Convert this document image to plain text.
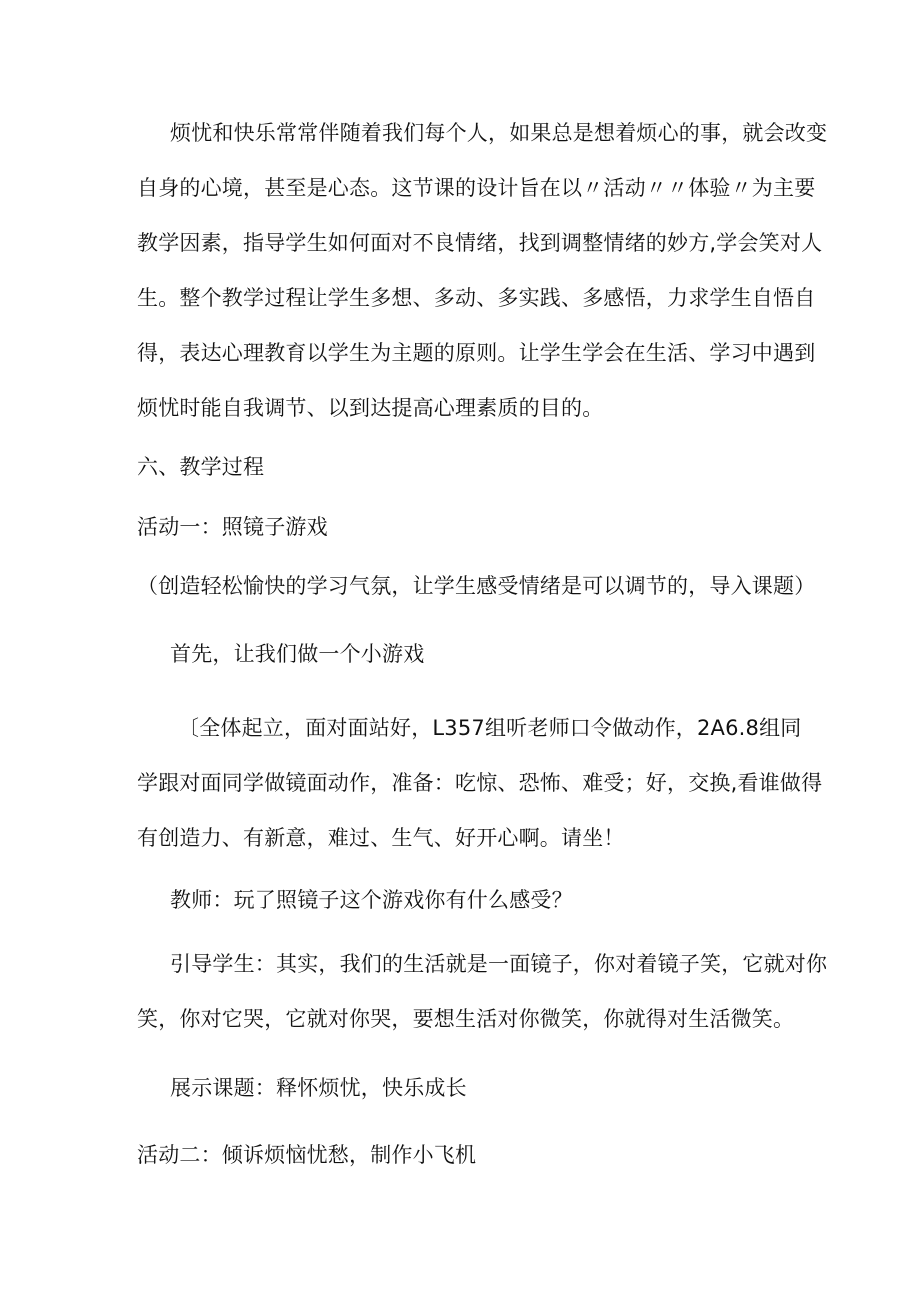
烦忧和快乐常常伴随着我们每个人，如果总是想着烦心的事，就会改变
自身的心境，甚至是心态。这节课的设计旨在以〃活动〃〃体验〃为主要
教学因素，指导学生如何面对不良情绪，找到调整情绪的妙方,学会笑对人
生。整个教学过程让学生多想、多动、多实践、多感悟，力求学生自悟自
得，表达心理教育以学生为主题的原则。让学生学会在生活、学习中遇到
烦忧时能自我调节、以到达提高心理素质的目的。
六、教学过程
活动一：照镜子游戏
（创造轻松愉快的学习气氛，让学生感受情绪是可以调节的，导入课题）
首先，让我们做一个小游戏
〔全体起立，面对面站好，L357组听老师口令做动作，2A6.8组同
学跟对面同学做镜面动作，准备：吃惊、恐怖、难受；好，交换,看谁做得
有创造力、有新意，难过、生气、好开心啊。请坐！
教师：玩了照镜子这个游戏你有什么感受？
引导学生：其实，我们的生活就是一面镜子，你对着镜子笑，它就对你
笑，你对它哭，它就对你哭，要想生活对你微笑，你就得对生活微笑。
展示课题：释怀烦忧，快乐成长
活动二：倾诉烦恼忧愁，制作小飞机
